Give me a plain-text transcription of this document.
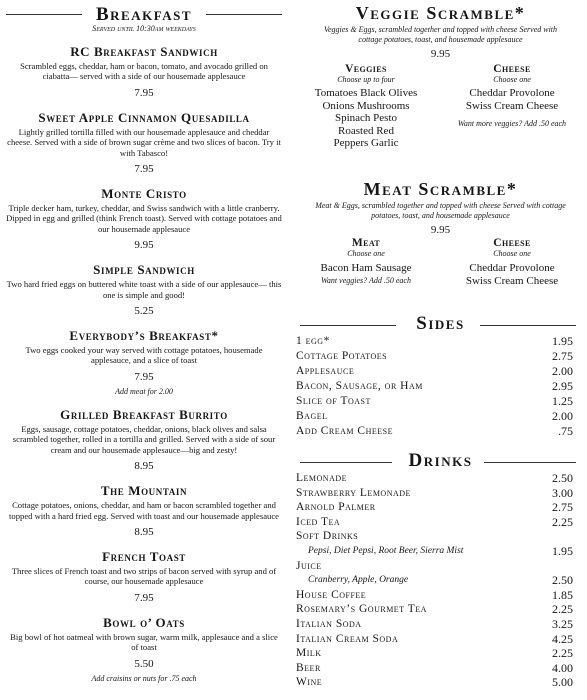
Breakfast
Served until 10:30am weekdays
RC Breakfast Sandwich
Scrambled eggs, cheddar, ham or bacon, tomato, and avocado grilled on ciabatta— served with a side of our housemade applesauce
7.95
Sweet Apple Cinnamon Quesadilla
Lightly grilled tortilla filled with our housemade applesauce and cheddar cheese. Served with a side of brown sugar crème and two slices of bacon. Try it with Tabasco!
7.95
Monte Cristo
Triple decker ham, turkey, cheddar, and Swiss sandwich with a little cranberry. Dipped in egg and grilled (think French toast). Served with cottage potatoes and our housemade applesauce
9.95
Simple Sandwich
Two hard fried eggs on buttered white toast with a side of our applesauce— this one is simple and good!
5.25
Everybody’s Breakfast*
Two eggs cooked your way served with cottage potatoes, housemade applesauce, and a slice of toast
7.95
Add meat for 2.00
Grilled Breakfast Burrito
Eggs, sausage, cottage potatoes, cheddar, onions, black olives and salsa scrambled together, rolled in a tortilla and grilled. Served with a side of sour cream and our housemade applesauce—big and zesty!
8.95
The Mountain
Cottage potatoes, onions, cheddar, and ham or bacon scrambled together and topped with a hard fried egg. Served with toast and our housemade applesauce
8.95
French Toast
Three slices of French toast and two strips of bacon served with syrup and of course, our housemade applesauce
7.95
Bowl o’ Oats
Big bowl of hot oatmeal with brown sugar, warm milk, applesauce and a slice of toast
5.50
Add craisins or nuts for .75 each
Veggie Scramble*
Veggies & Eggs, scrambled together and topped with cheese Served with cottage potatoes, toast, and housemade applesauce
9.95
Veggies
Choose up to four
Tomatoes Black Olives
Onions Mushrooms
Spinach Pesto
Roasted Red
Peppers Garlic
Cheese
Choose one
Cheddar Provolone
Swiss Cream Cheese
Want more veggies? Add .50 each
Meat Scramble*
Meat & Eggs, scrambled together and topped with cheese Served with cottage potatoes, toast, and housemade applesauce
9.95
Meat
Choose one
Bacon Ham Sausage
Want veggies? Add .50 each
Cheese
Choose one
Cheddar Provolone
Swiss Cream Cheese
Sides
1 egg*	1.95
Cottage Potatoes	2.75
Applesauce	2.00
Bacon, Sausage, or Ham	2.95
Slice of Toast	1.25
Bagel	2.00
Add Cream Cheese	.75
Drinks
Lemonade	2.50
Strawberry Lemonade	3.00
Arnold Palmer	2.75
Iced Tea	2.25
Soft Drinks
Pepsi, Diet Pepsi, Root Beer, Sierra Mist	1.95
Juice
Cranberry, Apple, Orange	2.50
House Coffee	1.85
Rosemary’s Gourmet Tea	2.25
Italian Soda	3.25
Italian Cream Soda	4.25
Milk	2.25
Beer	4.00
Wine	5.00
